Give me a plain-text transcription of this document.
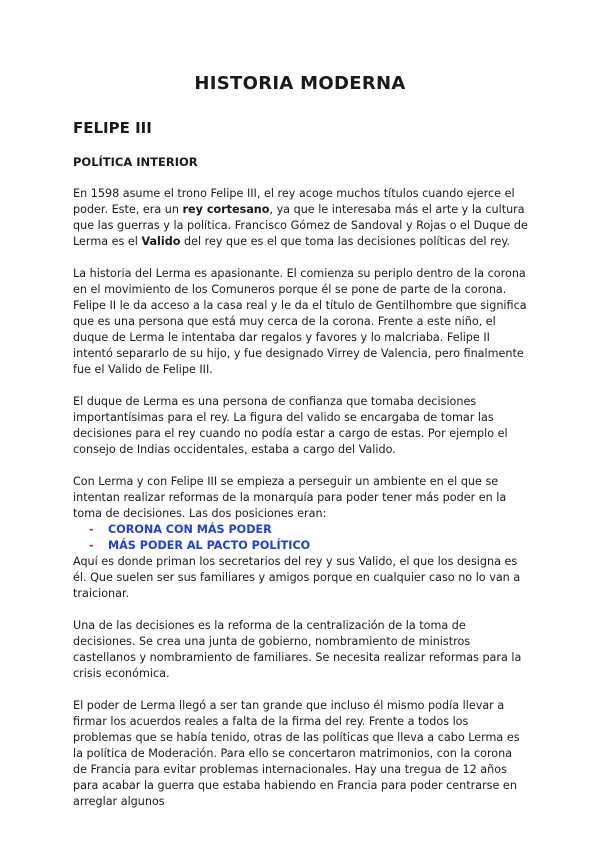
HISTORIA MODERNA
FELIPE III
POLÍTICA INTERIOR

En 1598 asume el trono Felipe III, el rey acoge muchos títulos cuando ejerce el poder. Este, era un rey cortesano, ya que le interesaba más el arte y la cultura que las guerras y la política. Francisco Gómez de Sandoval y Rojas o el Duque de Lerma es el Valido del rey que es el que toma las decisiones políticas del rey.

La historia del Lerma es apasionante. El comienza su periplo dentro de la corona en el movimiento de los Comuneros porque él se pone de parte de la corona. Felipe II le da acceso a la casa real y le da el título de Gentilhombre que significa que es una persona que está muy cerca de la corona. Frente a este niño, el duque de Lerma le intentaba dar regalos y favores y lo malcriaba. Felipe II intentó separarlo de su hijo, y fue designado Virrey de Valencia, pero finalmente fue el Valido de Felipe III.

El duque de Lerma es una persona de confianza que tomaba decisiones importantísimas para el rey. La figura del valido se encargaba de tomar las decisiones para el rey cuando no podía estar a cargo de estas. Por ejemplo el consejo de Indias occidentales, estaba a cargo del Valido.

Con Lerma y con Felipe III se empieza a perseguir un ambiente en el que se intentan realizar reformas de la monarquía para poder tener más poder en la toma de decisiones. Las dos posiciones eran:

- CORONA CON MÁS PODER
- MÁS PODER AL PACTO POLÍTICO

Aquí es donde priman los secretarios del rey y sus Valido, el que los designa es él. Que suelen ser sus familiares y amigos porque en cualquier caso no lo van a traicionar.

Una de las decisiones es la reforma de la centralización de la toma de decisiones. Se crea una junta de gobierno, nombramiento de ministros castellanos y nombramiento de familiares. Se necesita realizar reformas para la crisis económica.

El poder de Lerma llegó a ser tan grande que incluso él mismo podía llevar a firmar los acuerdos reales a falta de la firma del rey. Frente a todos los problemas que se había tenido, otras de las políticas que lleva a cabo Lerma es la política de Moderación. Para ello se concertaron matrimonios, con la corona de Francia para evitar problemas internacionales. Hay una tregua de 12 años para acabar la guerra que estaba habiendo en Francia para poder centrarse en arreglar algunos
